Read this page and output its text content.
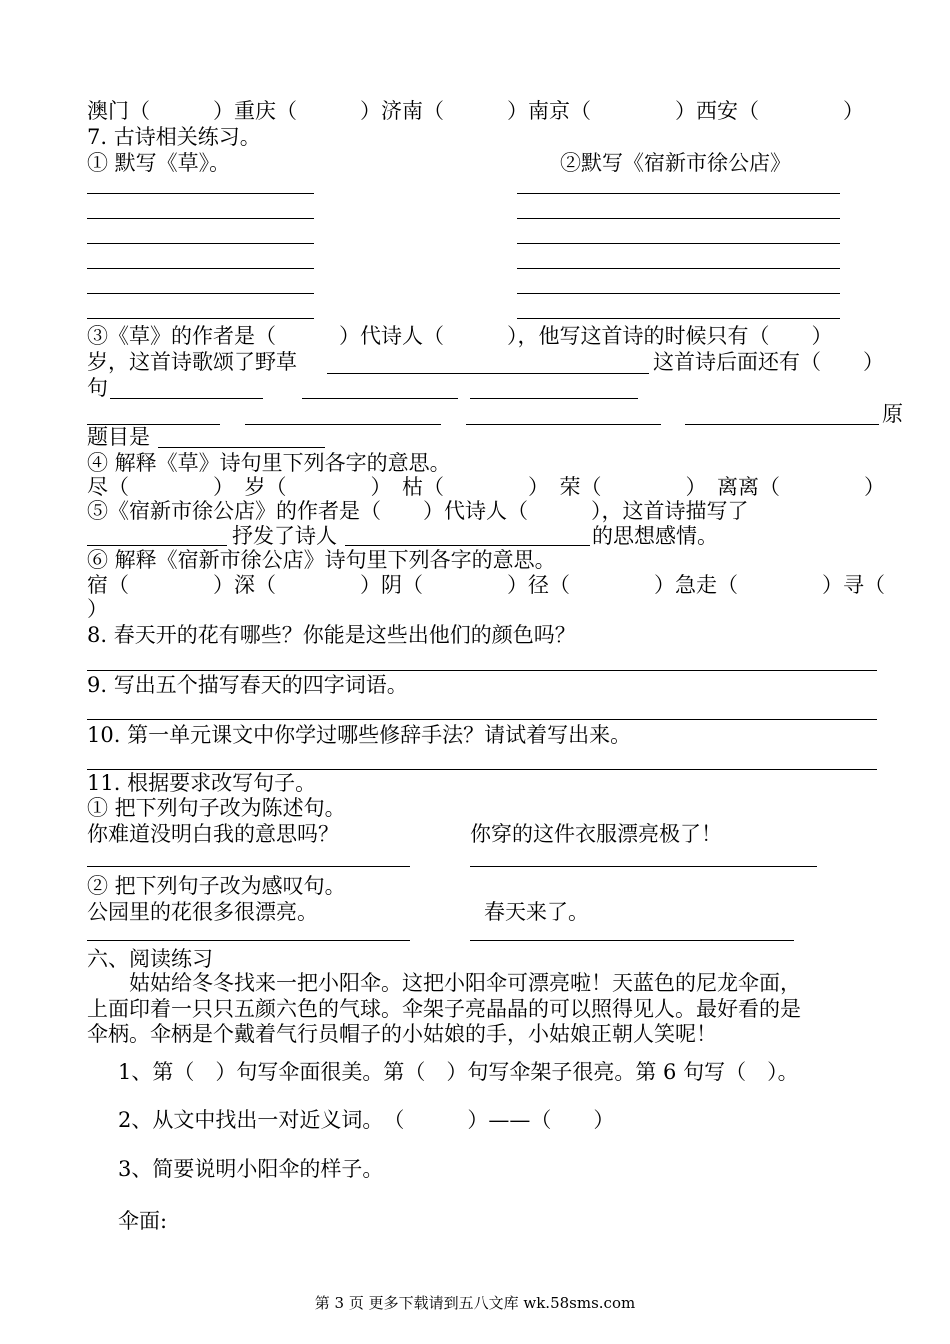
澳门（　　　）重庆（　　　）济南（　　　）南京（　　　　）西安（　　　　）
7. 古诗相关练习。
① 默写《草》。	②默写《宿新市徐公店》
③《草》的作者是（　　　）代诗人（　　　），他写这首诗的时候只有（　　）
岁，这首诗歌颂了野草	这首诗后面还有（　　）
句
原
题目是
④ 解释《草》诗句里下列各字的意思。
尽（　　　　）　岁（　　　　）　枯（　　　　）　荣（　　　　）　离离（　　　　）
⑤《宿新市徐公店》的作者是（　　）代诗人（　　　），这首诗描写了
抒发了诗人	的思想感情。
⑥ 解释《宿新市徐公店》诗句里下列各字的意思。
宿（　　　　）深（　　　　）阴（　　　　）径（　　　　）急走（　　　　）寻（
）
8. 春天开的花有哪些？你能是这些出他们的颜色吗？
9. 写出五个描写春天的四字词语。
10. 第一单元课文中你学过哪些修辞手法？请试着写出来。
11. 根据要求改写句子。
① 把下列句子改为陈述句。
你难道没明白我的意思吗？	你穿的这件衣服漂亮极了！
② 把下列句子改为感叹句。
公园里的花很多很漂亮。	春天来了。
六、阅读练习
　　姑姑给冬冬找来一把小阳伞。这把小阳伞可漂亮啦！天蓝色的尼龙伞面，
上面印着一只只五颜六色的气球。伞架子亮晶晶的可以照得见人。最好看的是
伞柄。伞柄是个戴着气行员帽子的小姑娘的手，小姑娘正朝人笑呢！
1、第（　）句写伞面很美。第（　）句写伞架子很亮。第 6 句写（　）。
2、从文中找出一对近义词。　（　　　）——（　　）
3、简要说明小阳伞的样子。
伞面:
第 3 页 更多下载请到五八文库 wk.58sms.com
